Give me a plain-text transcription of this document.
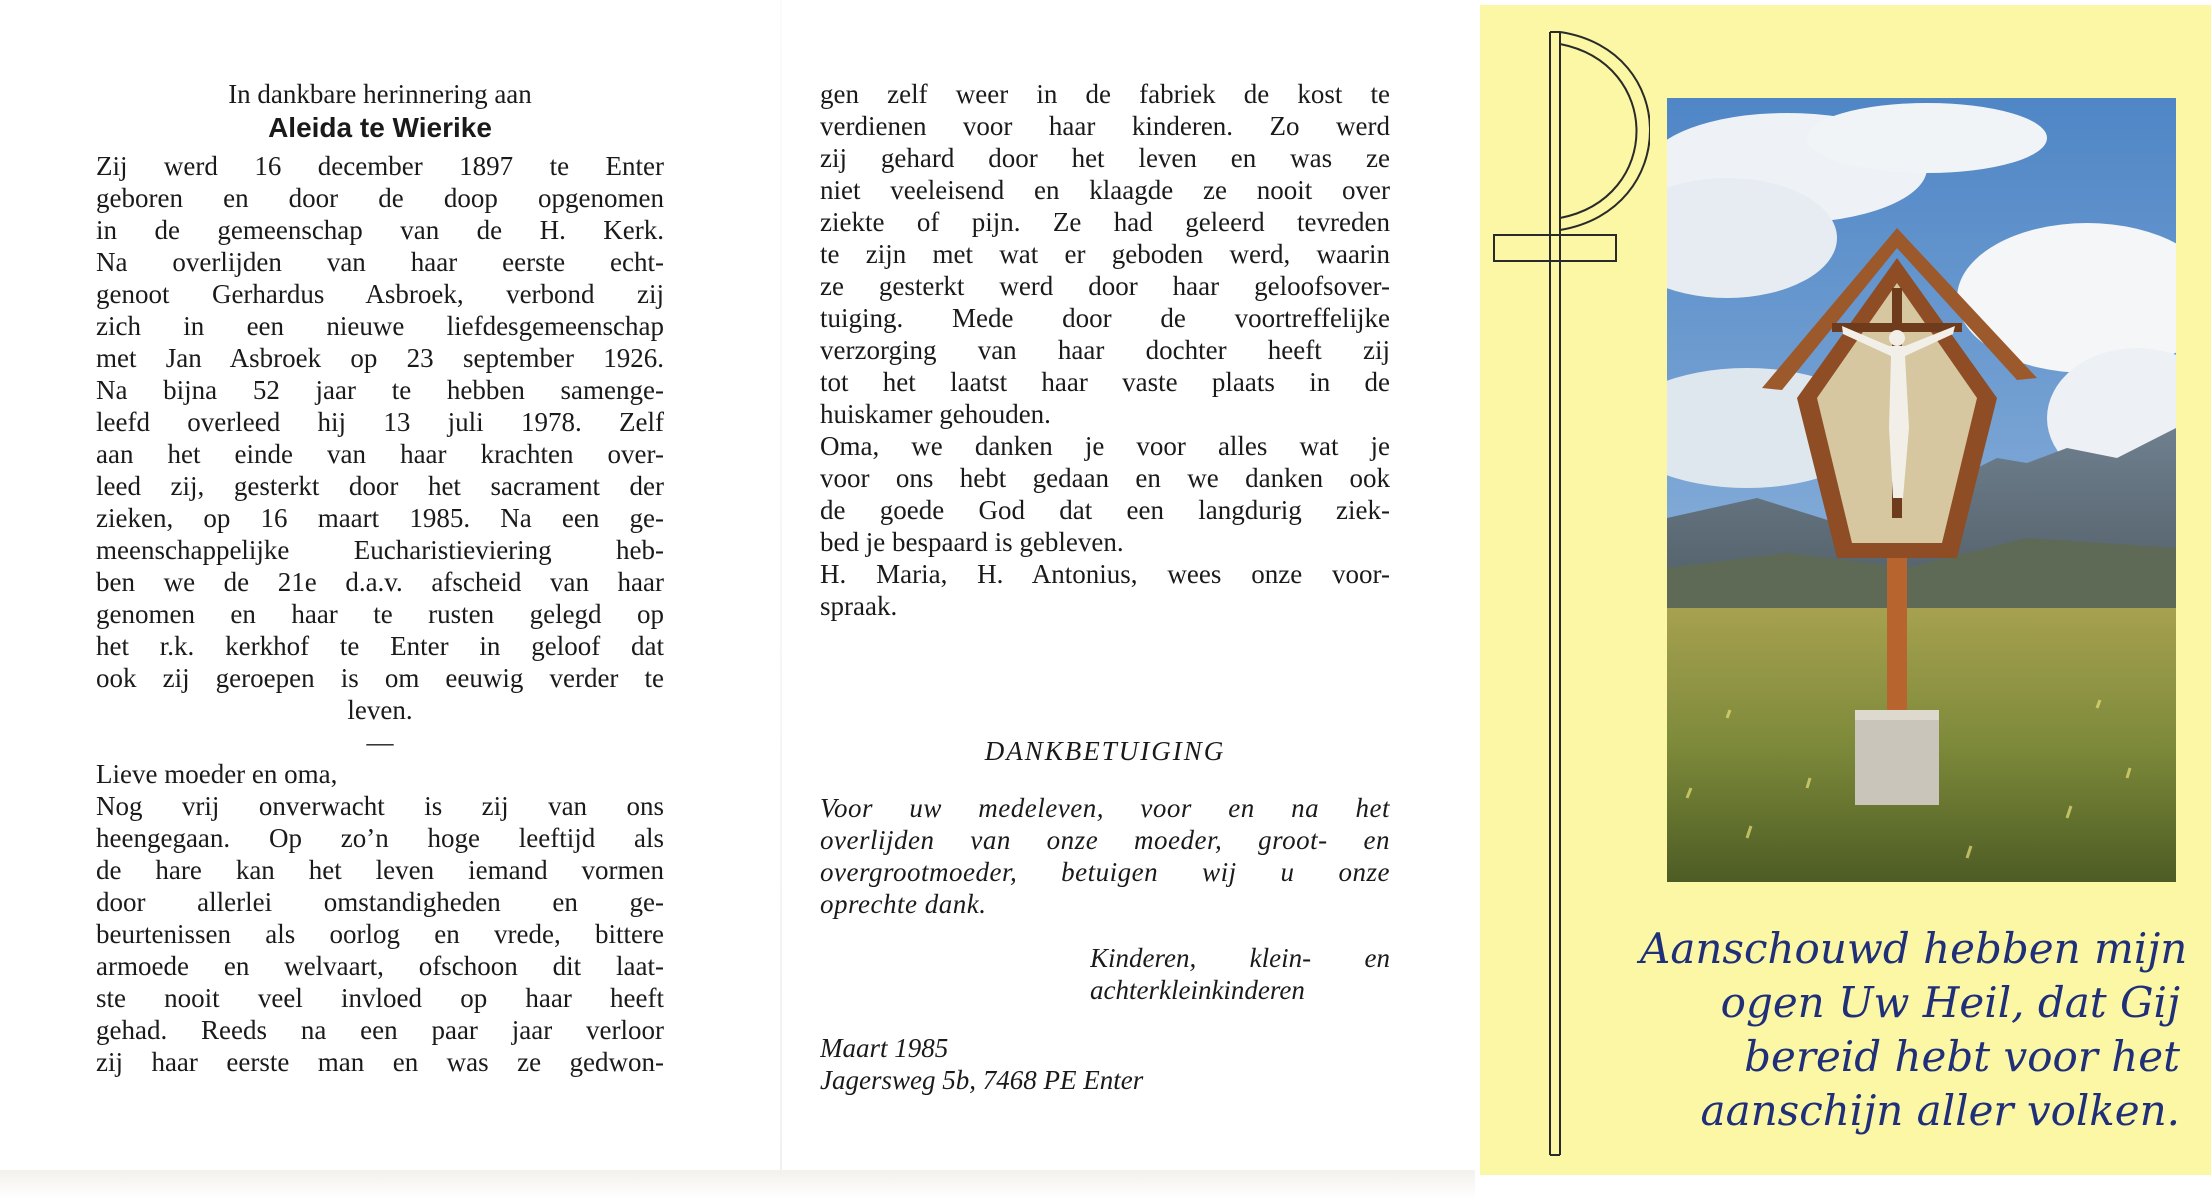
In dankbare herinnering aan
Aleida te Wierike
Zij werd 16 december 1897 te Enter
geboren en door de doop opgenomen
in de gemeenschap van de H. Kerk.
Na overlijden van haar eerste echt-
genoot Gerhardus Asbroek, verbond zij
zich in een nieuwe liefdesgemeenschap
met Jan Asbroek op 23 september 1926.
Na bijna 52 jaar te hebben samenge-
leefd overleed hij 13 juli 1978. Zelf
aan het einde van haar krachten over-
leed zij, gesterkt door het sacrament der
zieken, op 16 maart 1985. Na een ge-
meenschappelijke Eucharistieviering heb-
ben we de 21e d.a.v. afscheid van haar
genomen en haar te rusten gelegd op
het r.k. kerkhof te Enter in geloof dat
ook zij geroepen is om eeuwig verder te
leven.
—
Lieve moeder en oma,
Nog vrij onverwacht is zij van ons
heengegaan. Op zo’n hoge leeftijd als
de hare kan het leven iemand vormen
door allerlei omstandigheden en ge-
beurtenissen als oorlog en vrede, bittere
armoede en welvaart, ofschoon dit laat-
ste nooit veel invloed op haar heeft
gehad. Reeds na een paar jaar verloor
zij haar eerste man en was ze gedwon-
gen zelf weer in de fabriek de kost te
verdienen voor haar kinderen. Zo werd
zij gehard door het leven en was ze
niet veeleisend en klaagde ze nooit over
ziekte of pijn. Ze had geleerd tevreden
te zijn met wat er geboden werd, waarin
ze gesterkt werd door haar geloofsover-
tuiging. Mede door de voortreffelijke
verzorging van haar dochter heeft zij
tot het laatst haar vaste plaats in de
huiskamer gehouden.
Oma, we danken je voor alles wat je
voor ons hebt gedaan en we danken ook
de goede God dat een langdurig ziek-
bed je bespaard is gebleven.
H. Maria, H. Antonius, wees onze voor-
spraak.
DANKBETUIGING
Voor uw medeleven, voor en na het
overlijden van onze moeder, groot- en
overgrootmoeder, betuigen wij u onze
oprechte dank.
Kinderen, klein- en
achterkleinkinderen
Maart 1985
Jagersweg 5b, 7468 PE Enter
Aanschouwd hebben mijn
ogen Uw Heil, dat Gij
bereid hebt voor het
aanschijn aller volken.
